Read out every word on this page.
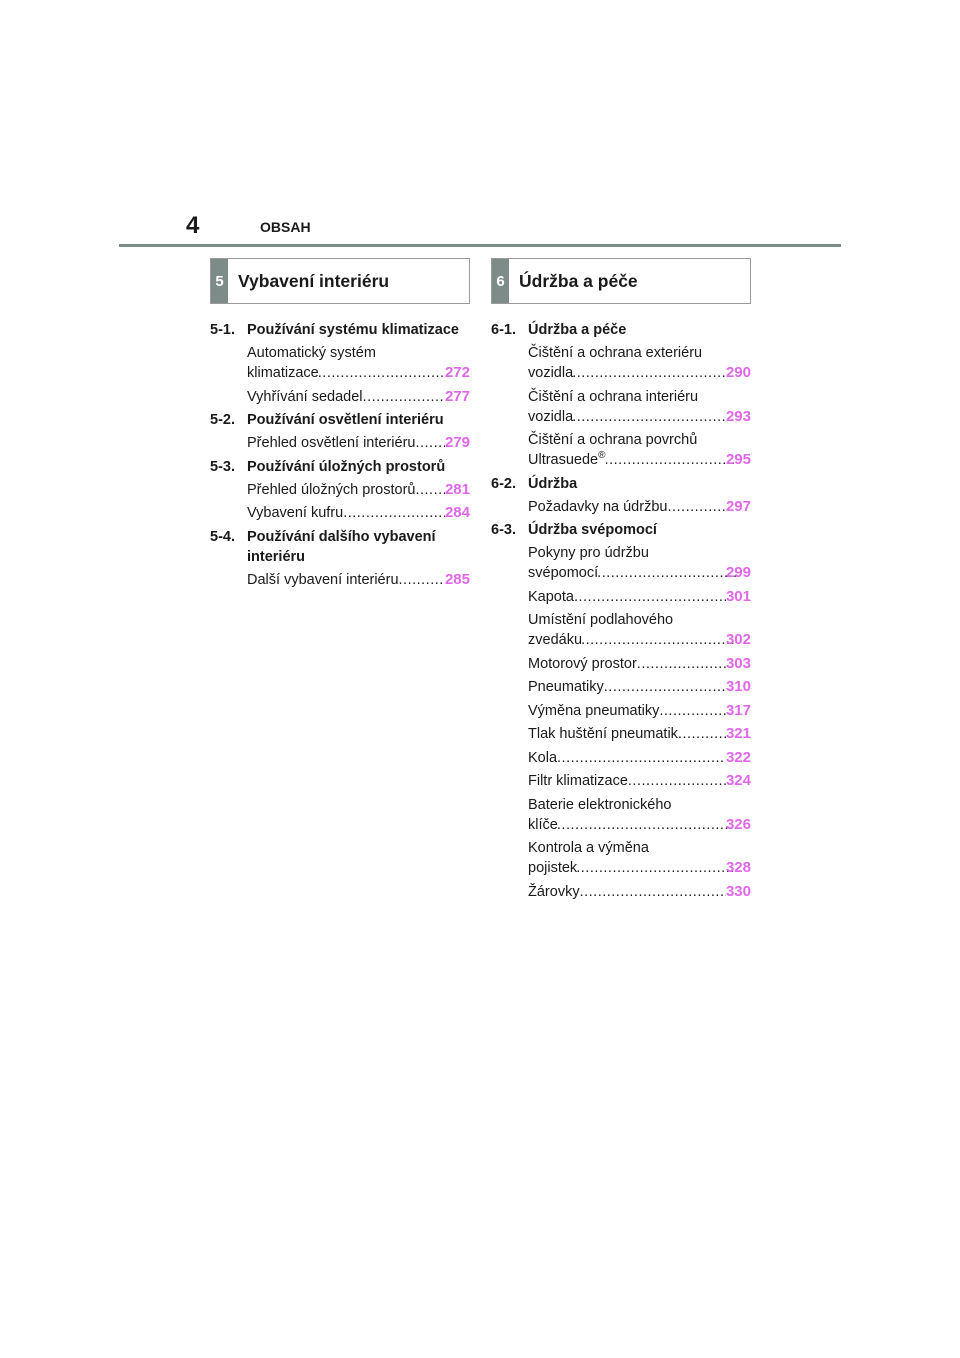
4	OBSAH
5 Vybavení interiéru
5-1. Používání systému klimatizace
Automatický systém
klimatizace .....	272
Vyhřívání sedadel .....	277
5-2. Používání osvětlení interiéru
Přehled osvětlení interiéru ..... 279
5-3. Používání úložných prostorů
Přehled úložných prostorů ..... 281
Vybavení kufru .....	284
5-4. Používání dalšího vybavení interiéru
Další vybavení interiéru .....	285
6 Údržba a péče
6-1. Údržba a péče
Čištění a ochrana exteriéru
vozidla .....	290
Čištění a ochrana interiéru
vozidla .....	293
Čištění a ochrana povrchů
Ultrasuede® .....	295
6-2. Údržba
Požadavky na údržbu .....	297
6-3. Údržba svépomocí
Pokyny pro údržbu
svépomocí .....	299
Kapota .....	301
Umístění podlahového
zvedáku .....	302
Motorový prostor .....	303
Pneumatiky .....	310
Výměna pneumatiky .....	317
Tlak huštění pneumatik .....	321
Kola .....	322
Filtr klimatizace .....	324
Baterie elektronického
klíče .....	326
Kontrola a výměna
pojistek .....	328
Žárovky .....	330
